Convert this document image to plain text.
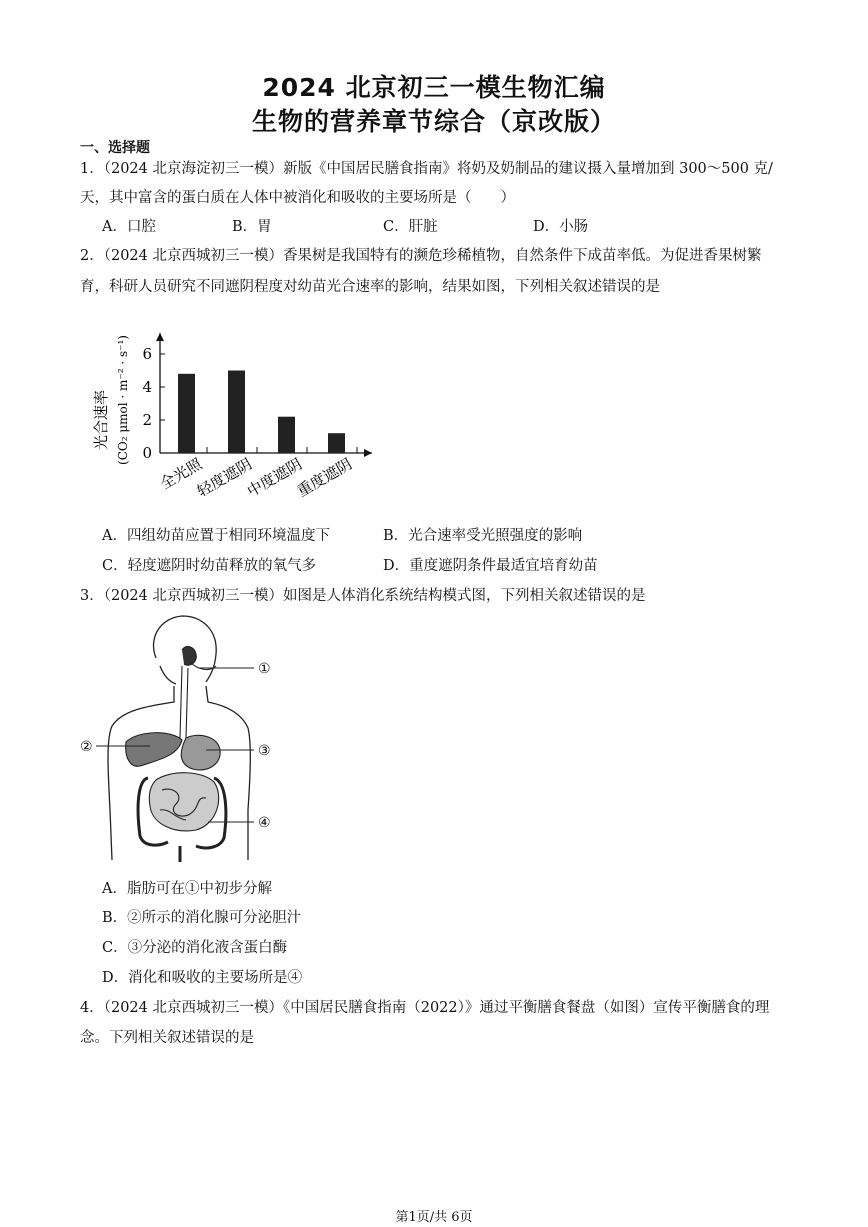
2024 北京初三一模生物汇编
生物的营养章节综合（京改版）
一、选择题
1．（2024 北京海淀初三一模）新版《中国居民膳食指南》将奶及奶制品的建议摄入量增加到 300～500 克/
天，其中富含的蛋白质在人体中被消化和吸收的主要场所是（　　）
A．口腔	B．胃	C．肝脏	D．小肠
2．（2024 北京西城初三一模）香果树是我国特有的濒危珍稀植物，自然条件下成苗率低。为促进香果树繁
育，科研人员研究不同遮阴程度对幼苗光合速率的影响，结果如图，下列相关叙述错误的是
光合速率 (CO₂ μmol · m⁻² · s⁻¹) 0
2
4
6
全光照
轻度遮阴
中度遮阴
重度遮阴
A．四组幼苗应置于相同环境温度下	B．光合速率受光照强度的影响
C．轻度遮阴时幼苗释放的氧气多	D．重度遮阴条件最适宜培育幼苗
3．（2024 北京西城初三一模）如图是人体消化系统结构模式图，下列相关叙述错误的是
①
②	③
④
A．脂肪可在①中初步分解
B．②所示的消化腺可分泌胆汁
C．③分泌的消化液含蛋白酶
D．消化和吸收的主要场所是④
4．（2024 北京西城初三一模）《中国居民膳食指南（2022）》通过平衡膳食餐盘（如图）宣传平衡膳食的理
念。下列相关叙述错误的是
第1页/共 6页
